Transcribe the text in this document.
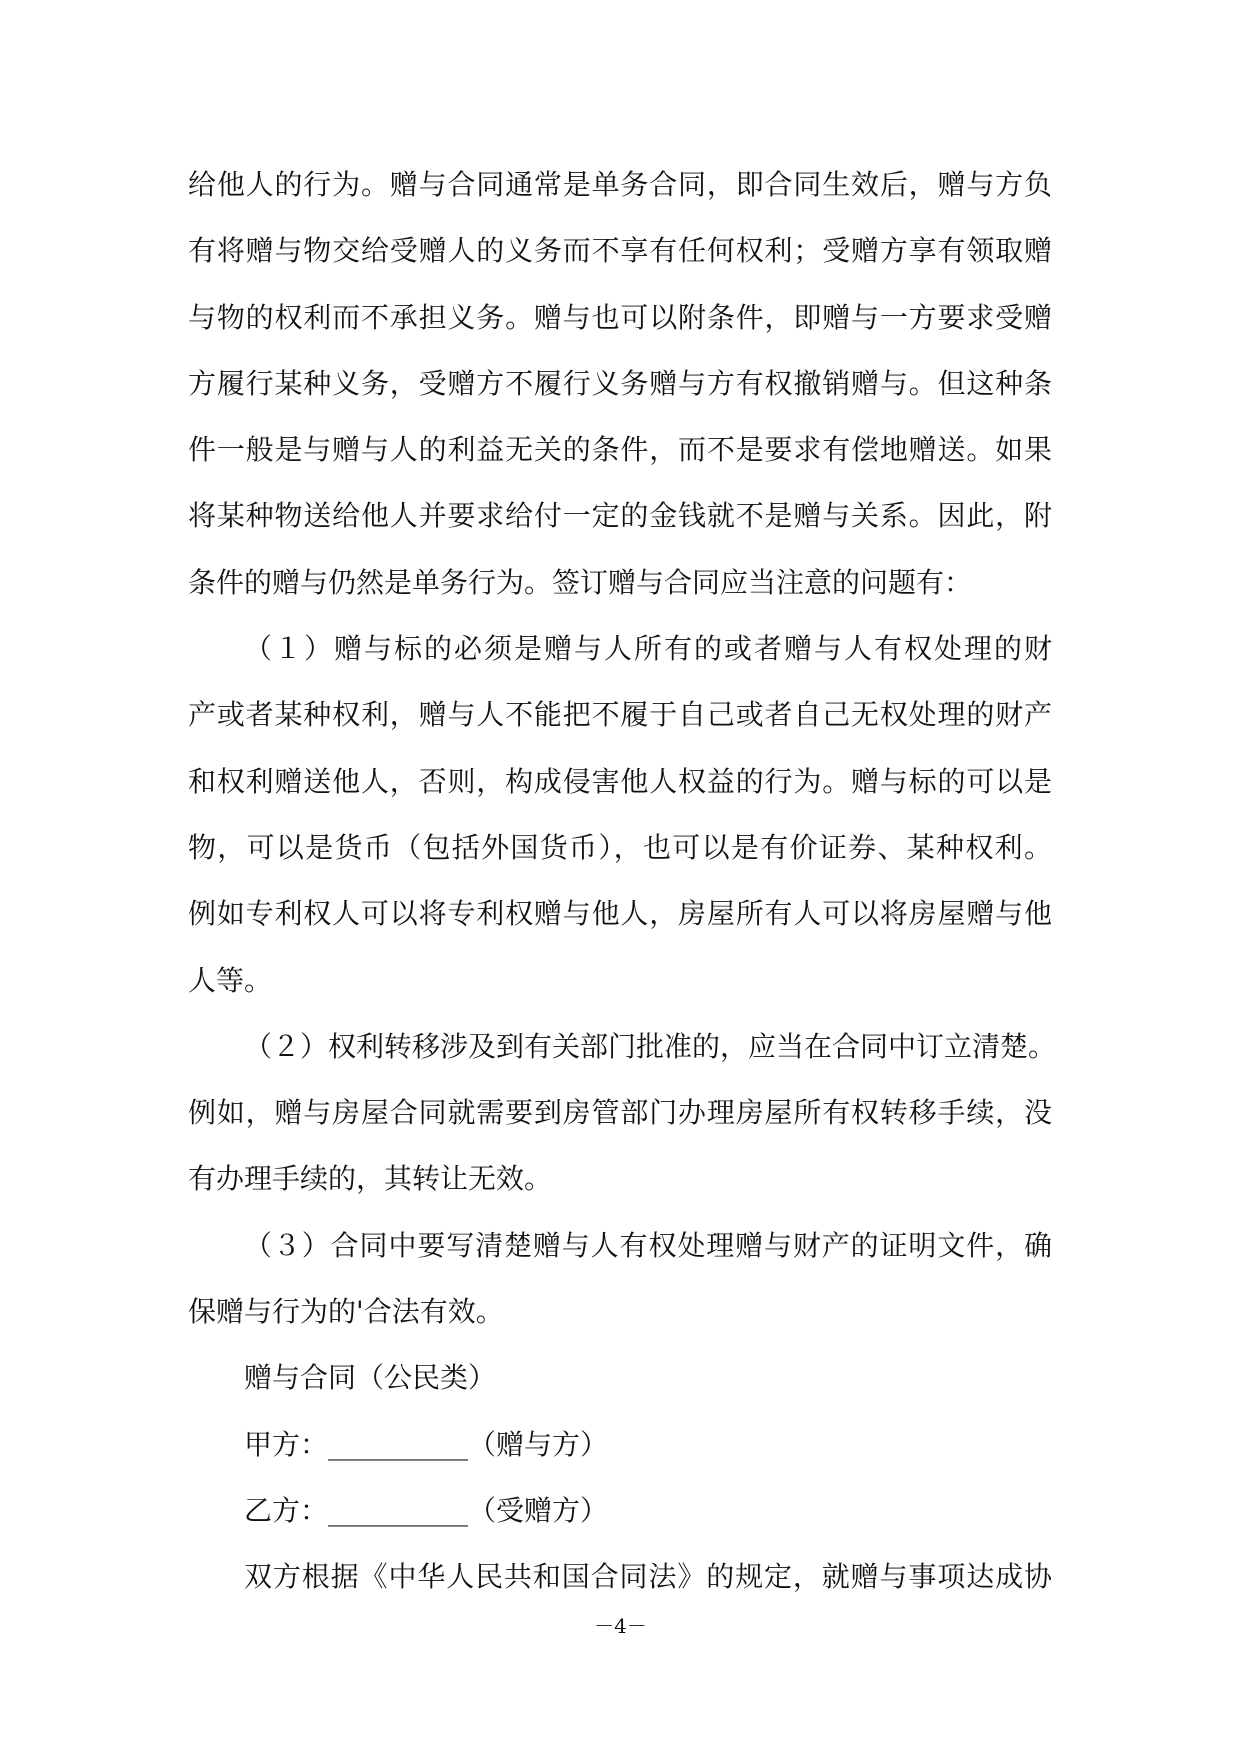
给他人的行为。赠与合同通常是单务合同，即合同生效后，赠与方负
有将赠与物交给受赠人的义务而不享有任何权利；受赠方享有领取赠
与物的权利而不承担义务。赠与也可以附条件，即赠与一方要求受赠
方履行某种义务，受赠方不履行义务赠与方有权撤销赠与。但这种条
件一般是与赠与人的利益无关的条件，而不是要求有偿地赠送。如果
将某种物送给他人并要求给付一定的金钱就不是赠与关系。因此，附
条件的赠与仍然是单务行为。签订赠与合同应当注意的问题有：
（１）赠与标的必须是赠与人所有的或者赠与人有权处理的财
产或者某种权利，赠与人不能把不履于自己或者自己无权处理的财产
和权利赠送他人，否则，构成侵害他人权益的行为。赠与标的可以是
物，可以是货币（包括外国货币），也可以是有价证券、某种权利。
例如专利权人可以将专利权赠与他人，房屋所有人可以将房屋赠与他
人等。
（２）权利转移涉及到有关部门批准的，应当在合同中订立清楚。
例如，赠与房屋合同就需要到房管部门办理房屋所有权转移手续，没
有办理手续的，其转让无效。
（３）合同中要写清楚赠与人有权处理赠与财产的证明文件，确
保赠与行为的'合法有效。
赠与合同（公民类）
甲方：__________（赠与方）
乙方：__________（受赠方）
双方根据《中华人民共和国合同法》的规定，就赠与事项达成协
－4－
